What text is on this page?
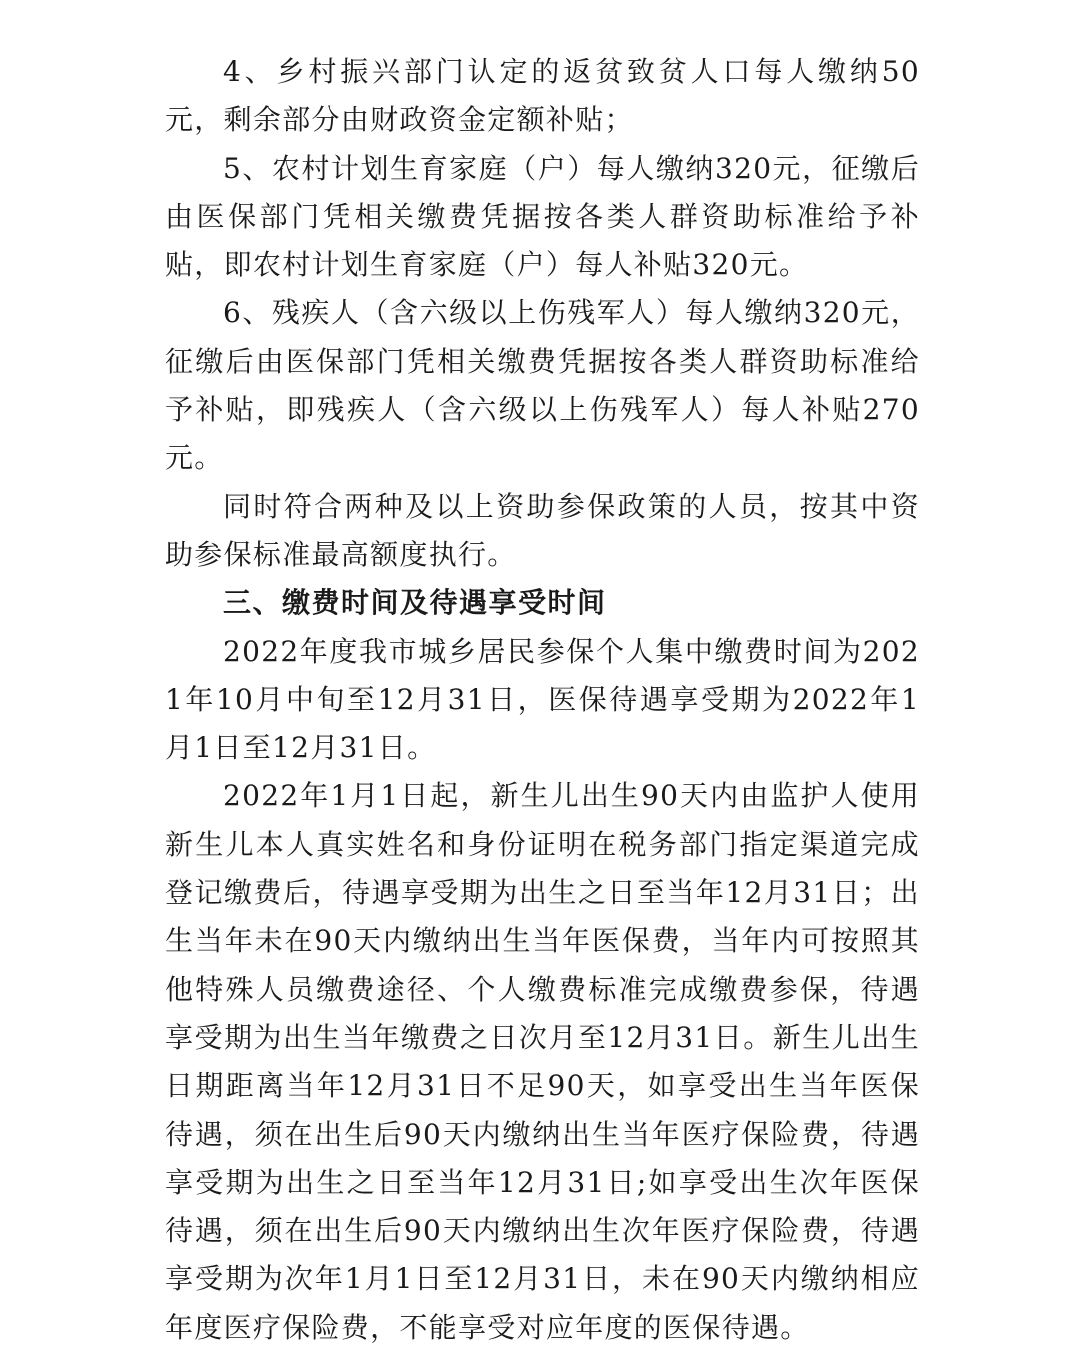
4、乡村振兴部门认定的返贫致贫人口每人缴纳50元，剩余部分由财政资金定额补贴；

5、农村计划生育家庭（户）每人缴纳320元，征缴后由医保部门凭相关缴费凭据按各类人群资助标准给予补贴，即农村计划生育家庭（户）每人补贴320元。

6、残疾人（含六级以上伤残军人）每人缴纳320元，征缴后由医保部门凭相关缴费凭据按各类人群资助标准给予补贴，即残疾人（含六级以上伤残军人）每人补贴270元。

同时符合两种及以上资助参保政策的人员，按其中资助参保标准最高额度执行。

三、缴费时间及待遇享受时间

2022年度我市城乡居民参保个人集中缴费时间为2021年10月中旬至12月31日，医保待遇享受期为2022年1月1日至12月31日。

2022年1月1日起，新生儿出生90天内由监护人使用新生儿本人真实姓名和身份证明在税务部门指定渠道完成登记缴费后，待遇享受期为出生之日至当年12月31日；出生当年未在90天内缴纳出生当年医保费，当年内可按照其他特殊人员缴费途径、个人缴费标准完成缴费参保，待遇享受期为出生当年缴费之日次月至12月31日。新生儿出生日期距离当年12月31日不足90天，如享受出生当年医保待遇，须在出生后90天内缴纳出生当年医疗保险费，待遇享受期为出生之日至当年12月31日;如享受出生次年医保待遇，须在出生后90天内缴纳出生次年医疗保险费，待遇享受期为次年1月1日至12月31日，未在90天内缴纳相应年度医疗保险费，不能享受对应年度的医保待遇。
